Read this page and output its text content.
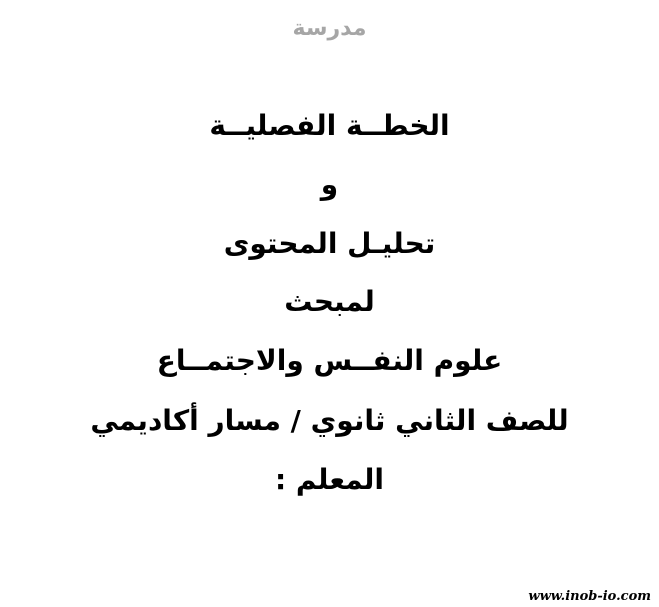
مدرسة
الخطــة الفصليــة
و
تحليـل المحتوى
لمبحث
علوم النفــس والاجتمــاع
للصف الثاني ثانوي / مسار أكاديمي
المعلم :
www.inob-io.com
